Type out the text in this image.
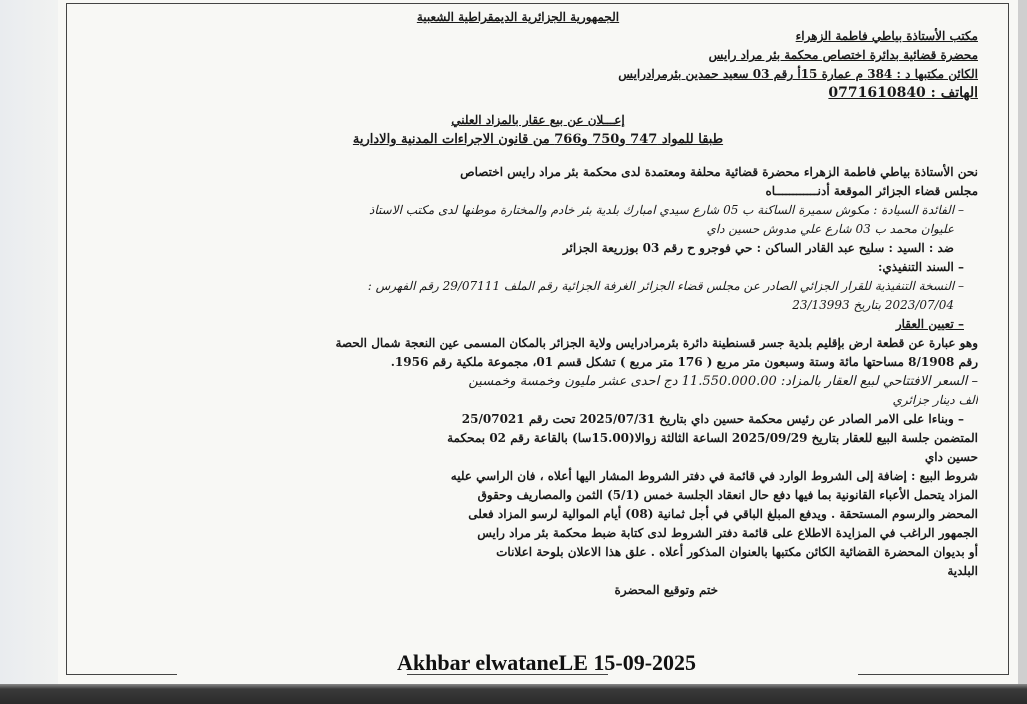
الجمهورية الجزائرية الديمقراطية الشعبية
مكتب الأستاذة بياطي فاطمة الزهراء
محضرة قضائية بدائرة اختصاص محكمة بئر مراد رايس
الكائن مكتبها د : 384 م عمارة 15أ رقم 03 سعيد حمدين بئرمرادرايس
الهاتف : 0771610840
إعـــلان عن بيع عقار بالمزاد العلني
طبقا للمواد 747 و750 و766 من قانون الاجراءات المدنية والادارية
نحن الأستاذة بياطي فاطمة الزهراء محضرة قضائية محلفة ومعتمدة لدى محكمة بئر مراد رايس اختصاص
مجلس قضاء الجزائر الموقعة أدنــــــــــــاه
– الفائدة السيادة : مكوش سميرة الساكنة ب 05 شارع سيدي امبارك بلدية بئر خادم والمختارة موطنها لدى مكتب الاستاذ
عليوان محمد ب 03 شارع علي مدوش حسين داي
ضد : السيد : سليح عبد القادر الساكن : حي فوجرو ح رقم 03 بوزريعة الجزائر
– السند التنفيذي:
– النسخة التنفيذية للقرار الجزائي الصادر عن مجلس قضاء الجزائر الغرفة الجزائية رقم الملف 29/07111 رقم الفهرس :
2023/07/04 بتاريخ 23/13993
– تعيين العقار
وهو عبارة عن قطعة ارض بإقليم بلدية جسر قسنطينة دائرة بئرمرادرايس ولاية الجزائر بالمكان المسمى عين النعجة شمال الحصة
رقم 8/1908 مساحتها مائة وستة وسبعون متر مربع ( 176 متر مربع ) تشكل قسم 01، مجموعة ملكية رقم 1956.
– السعر الافتتاحي لبيع العقار بالمزاد: 11.550.000.00 دج احدى عشر مليون وخمسة وخمسين
الف دينار جزائري
– وبناءا على الامر الصادر عن رئيس محكمة حسين داي بتاريخ 2025/07/31 تحت رقم 25/07021
المتضمن جلسة البيع للعقار بتاريخ 2025/09/29 الساعة الثالثة زوالا(15.00سا) بالقاعة رقم 02 بمحكمة
حسين داي
شروط البيع : إضافة إلى الشروط الوارد في قائمة في دفتر الشروط المشار اليها أعلاه ، فان الراسي عليه
المزاد يتحمل الأعباء القانونية بما فيها دفع حال انعقاد الجلسة خمس (5/1) الثمن والمصاريف وحقوق
المحضر والرسوم المستحقة . ويدفع المبلغ الباقي في أجل ثمانية (08) أيام الموالية لرسو المزاد فعلى
الجمهور الراغب في المزايدة الاطلاع على قائمة دفتر الشروط لدى كتابة ضبط محكمة بئر مراد رايس
أو بديوان المحضرة القضائية الكائن مكتبها بالعنوان المذكور أعلاه . علق هذا الاعلان بلوحة اعلانات
البلدية
ختم وتوقيع المحضرة
Akhbar elwataneLE 15-09-2025
